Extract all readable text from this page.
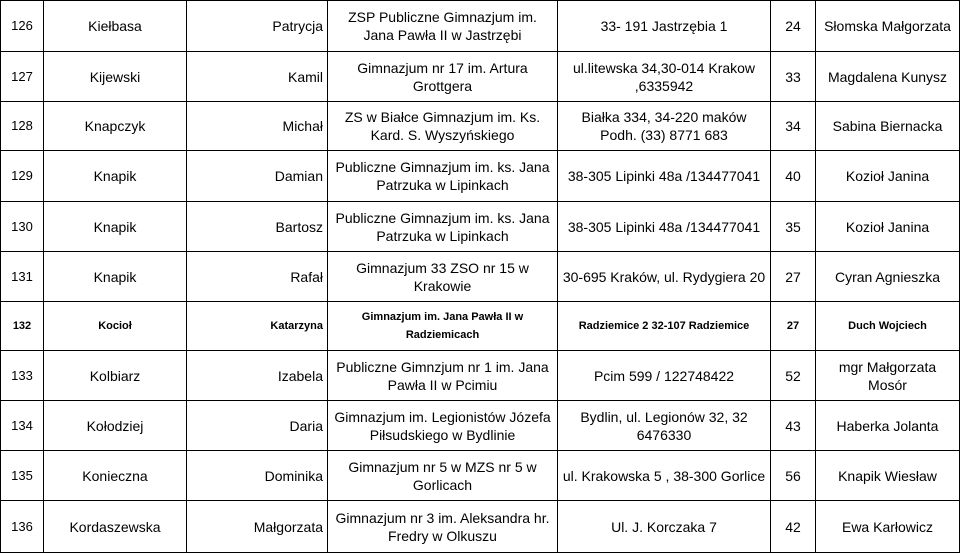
126	Kiełbasa	Patrycja	ZSP Publiczne Gimnazjum im. Jana Pawła II w Jastrzębi	33- 191 Jastrzębia 1	24	Słomska Małgorzata
127	Kijewski	Kamil	Gimnazjum nr 17 im. Artura Grottgera	ul.litewska 34,30-014 Krakow ,6335942	33	Magdalena Kunysz
128	Knapczyk	Michał	ZS w Białce Gimnazjum im. Ks. Kard. S. Wyszyńskiego	Białka 334, 34-220 maków Podh. (33) 8771 683	34	Sabina Biernacka
129	Knapik	Damian	Publiczne Gimnazjum im. ks. Jana Patrzuka w Lipinkach	38-305 Lipinki 48a /134477041	40	Kozioł Janina
130	Knapik	Bartosz	Publiczne Gimnazjum im. ks. Jana Patrzuka w Lipinkach	38-305 Lipinki 48a /134477041	35	Kozioł Janina
131	Knapik	Rafał	Gimnazjum 33 ZSO nr 15 w Krakowie	30-695 Kraków, ul. Rydygiera 20	27	Cyran Agnieszka
132	Kocioł	Katarzyna	Gimnazjum im. Jana Pawła II w Radziemicach	Radziemice 2 32-107 Radziemice	27	Duch Wojciech
133	Kolbiarz	Izabela	Publiczne Gimnzjum nr 1 im. Jana Pawła II w Pcimiu	Pcim 599 / 122748422	52	mgr Małgorzata Mosór
134	Kołodziej	Daria	Gimnazjum im. Legionistów Józefa Piłsudskiego w Bydlinie	Bydlin, ul. Legionów 32, 32 6476330	43	Haberka Jolanta
135	Konieczna	Dominika	Gimnazjum nr 5 w MZS nr 5 w Gorlicach	ul. Krakowska 5 , 38-300 Gorlice	56	Knapik Wiesław
136	Kordaszewska	Małgorzata	Gimnazjum nr 3 im. Aleksandra hr. Fredry w Olkuszu	Ul. J. Korczaka 7	42	Ewa Karłowicz
